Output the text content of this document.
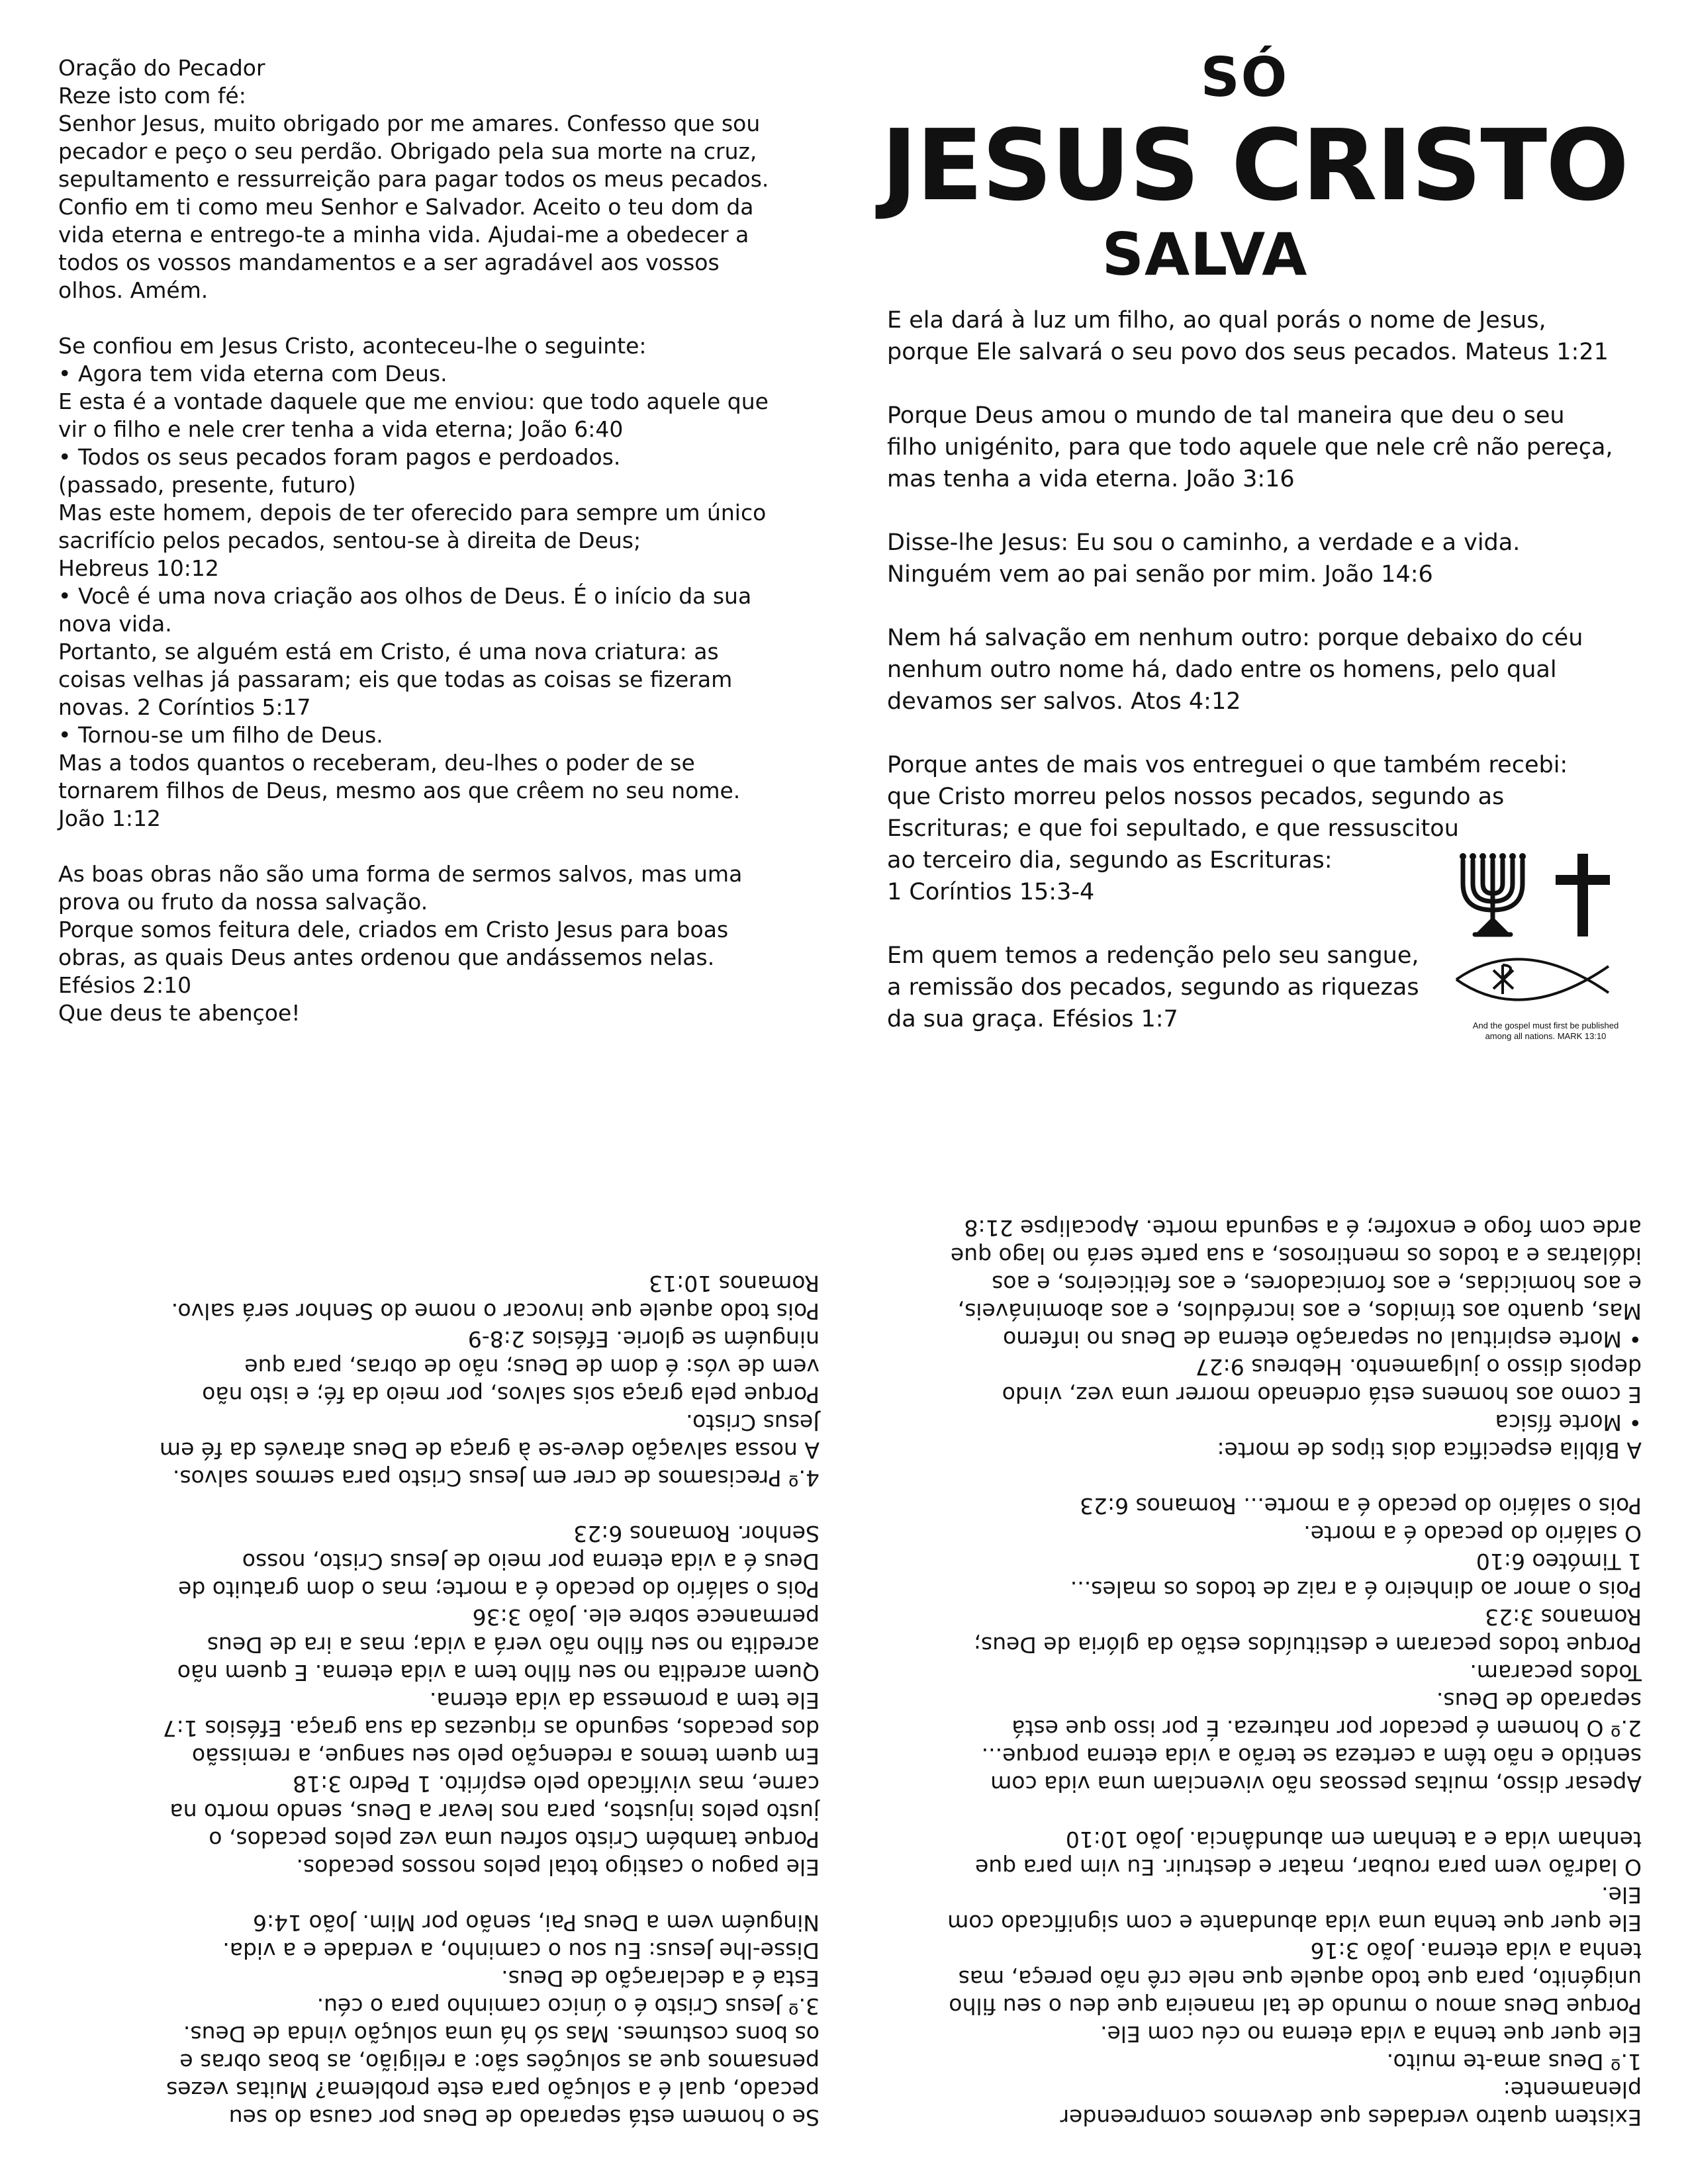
Oração do Pecador
Reze isto com fé:
Senhor Jesus, muito obrigado por me amares. Confesso que sou
pecador e peço o seu perdão. Obrigado pela sua morte na cruz,
sepultamento e ressurreição para pagar todos os meus pecados.
Confio em ti como meu Senhor e Salvador. Aceito o teu dom da
vida eterna e entrego-te a minha vida. Ajudai-me a obedecer a
todos os vossos mandamentos e a ser agradável aos vossos
olhos. Amém.
Se confiou em Jesus Cristo, aconteceu-lhe o seguinte:
• Agora tem vida eterna com Deus.
E esta é a vontade daquele que me enviou: que todo aquele que
vir o filho e nele crer tenha a vida eterna; João 6:40
• Todos os seus pecados foram pagos e perdoados.
(passado, presente, futuro)
Mas este homem, depois de ter oferecido para sempre um único
sacrifício pelos pecados, sentou-se à direita de Deus;
Hebreus 10:12
• Você é uma nova criação aos olhos de Deus. É o início da sua
nova vida.
Portanto, se alguém está em Cristo, é uma nova criatura: as
coisas velhas já passaram; eis que todas as coisas se fizeram
novas. 2 Coríntios 5:17
• Tornou-se um filho de Deus.
Mas a todos quantos o receberam, deu-lhes o poder de se
tornarem filhos de Deus, mesmo aos que crêem no seu nome.
João 1:12
As boas obras não são uma forma de sermos salvos, mas uma
prova ou fruto da nossa salvação.
Porque somos feitura dele, criados em Cristo Jesus para boas
obras, as quais Deus antes ordenou que andássemos nelas.
Efésios 2:10
Que deus te abençoe!
SÓ
JESUS CRISTO
SALVA
E ela dará à luz um filho, ao qual porás o nome de Jesus,
porque Ele salvará o seu povo dos seus pecados. Mateus 1:21
Porque Deus amou o mundo de tal maneira que deu o seu
filho unigénito, para que todo aquele que nele crê não pereça,
mas tenha a vida eterna. João 3:16
Disse-lhe Jesus: Eu sou o caminho, a verdade e a vida.
Ninguém vem ao pai senão por mim. João 14:6
Nem há salvação em nenhum outro: porque debaixo do céu
nenhum outro nome há, dado entre os homens, pelo qual
devamos ser salvos. Atos 4:12
Porque antes de mais vos entreguei o que também recebi:
que Cristo morreu pelos nossos pecados, segundo as
Escrituras; e que foi sepultado, e que ressuscitou
ao terceiro dia, segundo as Escrituras:
1 Coríntios 15:3-4
Em quem temos a redenção pelo seu sangue,
a remissão dos pecados, segundo as riquezas
da sua graça. Efésios 1:7	And the gospel must first be published
among all nations. MARK 13:10
Se o homem está separado de Deus por causa do seu
pecado, qual é a solução para este problema? Muitas vezes
pensamos que as soluções são: a religião, as boas obras e
os bons costumes. Mas só há uma solução vinda de Deus.
3.º Jesus Cristo é o único caminho para o céu.
Esta é a declaração de Deus.
Disse-lhe Jesus: Eu sou o caminho, a verdade e a vida.
Ninguém vem a Deus Pai, senão por Mim. João 14:6
Ele pagou o castigo total pelos nossos pecados.
Porque também Cristo sofreu uma vez pelos pecados, o
justo pelos injustos, para nos levar a Deus, sendo morto na
carne, mas vivificado pelo espírito. 1 Pedro 3:18
Em quem temos a redenção pelo seu sangue, a remissão
dos pecados, segundo as riquezas da sua graça. Efésios 1:7
Ele tem a promessa da vida eterna.
Quem acredita no seu filho tem a vida eterna. E quem não
acredita no seu filho não verá a vida; mas a ira de Deus
permanece sobre ele. João 3:36
Pois o salário do pecado é a morte; mas o dom gratuito de
Deus é a vida eterna por meio de Jesus Cristo, nosso
Senhor. Romanos 6:23
4.º Precisamos de crer em Jesus Cristo para sermos salvos.
A nossa salvação deve-se à graça de Deus através da fé em
Jesus Cristo.
Porque pela graça sois salvos, por meio da fé; e isto não
vem de vós: é dom de Deus; não de obras, para que
ninguém se glorie. Efésios 2:8-9
Pois todo aquele que invocar o nome do Senhor será salvo.
Romanos 10:13
Existem quatro verdades que devemos compreender
plenamente:
1.º Deus ama-te muito.
Ele quer que tenha a vida eterna no céu com Ele.
Porque Deus amou o mundo de tal maneira que deu o seu filho
unigénito, para que todo aquele que nele crê não pereça, mas
tenha a vida eterna. João 3:16
Ele quer que tenha uma vida abundante e com significado com
Ele.
O ladrão vem para roubar, matar e destruir. Eu vim para que
tenham vida e a tenham em abundância. João 10:10
Apesar disso, muitas pessoas não vivenciam uma vida com
sentido e não têm a certeza se terão a vida eterna porque...
2.º O homem é pecador por natureza. É por isso que está
separado de Deus.
Todos pecaram.
Porque todos pecaram e destituídos estão da glória de Deus;
Romanos 3:23
Pois o amor ao dinheiro é a raiz de todos os males...
1 Timóteo 6:10
O salário do pecado é a morte.
Pois o salário do pecado é a morte... Romanos 6:23
A Bíblia especifica dois tipos de morte:
• Morte física
E como aos homens está ordenado morrer uma vez, vindo
depois disso o julgamento. Hebreus 9:27
• Morte espiritual ou separação eterna de Deus no inferno
Mas, quanto aos tímidos, e aos incrédulos, e aos abomináveis,
e aos homicidas, e aos fornicadores, e aos feiticeiros, e aos
idólatras e a todos os mentirosos, a sua parte será no lago que
arde com fogo e enxofre; é a segunda morte. Apocalipse 21:8
